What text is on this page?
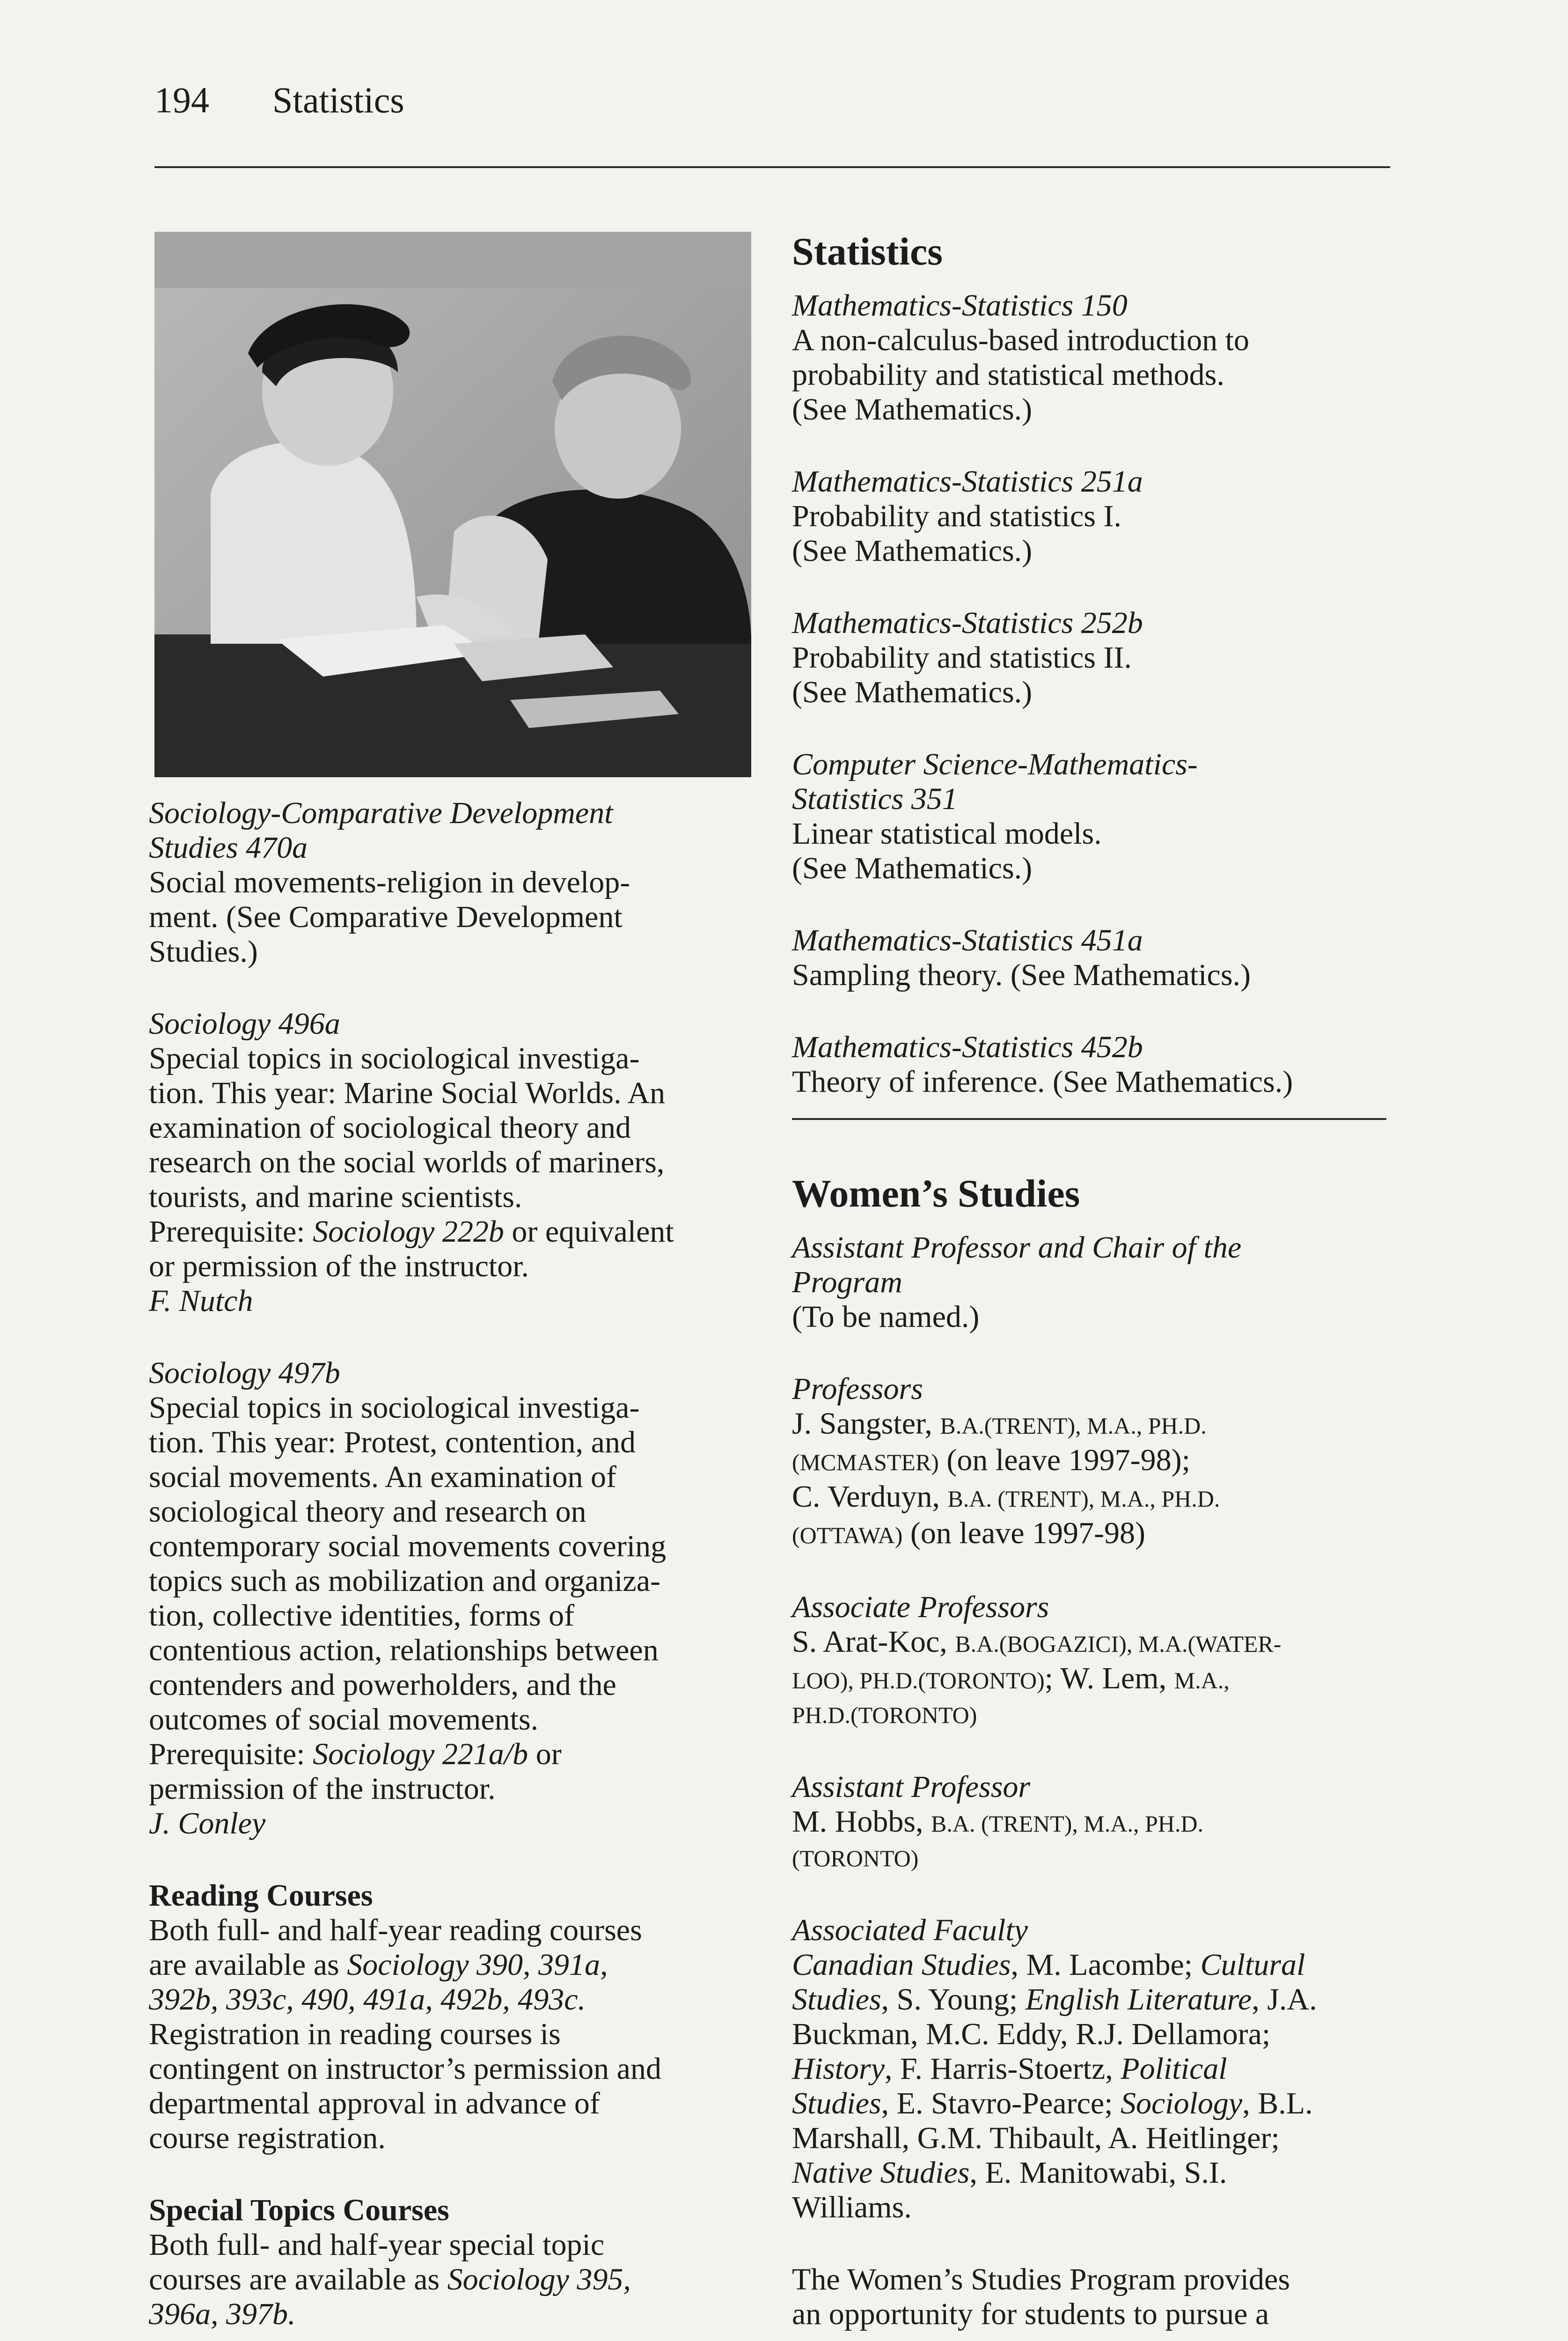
194 Statistics
Sociology-Comparative Development
Studies 470a
Social movements-religion in develop-
ment. (See Comparative Development
Studies.)
Sociology 496a
Special topics in sociological investiga-
tion. This year: Marine Social Worlds. An
examination of sociological theory and
research on the social worlds of mariners,
tourists, and marine scientists.
Prerequisite: Sociology 222b or equivalent
or permission of the instructor.
F. Nutch
Sociology 497b
Special topics in sociological investiga-
tion. This year: Protest, contention, and
social movements. An examination of
sociological theory and research on
contemporary social movements covering
topics such as mobilization and organiza-
tion, collective identities, forms of
contentious action, relationships between
contenders and powerholders, and the
outcomes of social movements.
Prerequisite: Sociology 221a/b or
permission of the instructor.
J. Conley
Reading Courses
Both full- and half-year reading courses
are available as Sociology 390, 391a,
392b, 393c, 490, 491a, 492b, 493c.
Registration in reading courses is
contingent on instructor’s permission and
departmental approval in advance of
course registration.
Special Topics Courses
Both full- and half-year special topic
courses are available as Sociology 395,
396a, 397b.
Statistics
Mathematics-Statistics 150
A non-calculus-based introduction to
probability and statistical methods.
(See Mathematics.)
Mathematics-Statistics 251a
Probability and statistics I.
(See Mathematics.)
Mathematics-Statistics 252b
Probability and statistics II.
(See Mathematics.)
Computer Science-Mathematics-
Statistics 351
Linear statistical models.
(See Mathematics.)
Mathematics-Statistics 451a
Sampling theory. (See Mathematics.)
Mathematics-Statistics 452b
Theory of inference. (See Mathematics.)
Women’s Studies
Assistant Professor and Chair of the
Program
(To be named.)
Professors
J. Sangster, B.A.(TRENT), M.A., PH.D.
(MCMASTER) (on leave 1997-98);
C. Verduyn, B.A. (TRENT), M.A., PH.D.
(OTTAWA) (on leave 1997-98)
Associate Professors
S. Arat-Koc, B.A.(BOGAZICI), M.A.(WATER-
LOO), PH.D.(TORONTO); W. Lem, M.A.,
PH.D.(TORONTO)
Assistant Professor
M. Hobbs, B.A. (TRENT), M.A., PH.D.
(TORONTO)
Associated Faculty
Canadian Studies, M. Lacombe; Cultural
Studies, S. Young; English Literature, J.A.
Buckman, M.C. Eddy, R.J. Dellamora;
History, F. Harris-Stoertz, Political
Studies, E. Stavro-Pearce; Sociology, B.L.
Marshall, G.M. Thibault, A. Heitlinger;
Native Studies, E. Manitowabi, S.I.
Williams.
The Women’s Studies Program provides
an opportunity for students to pursue a
